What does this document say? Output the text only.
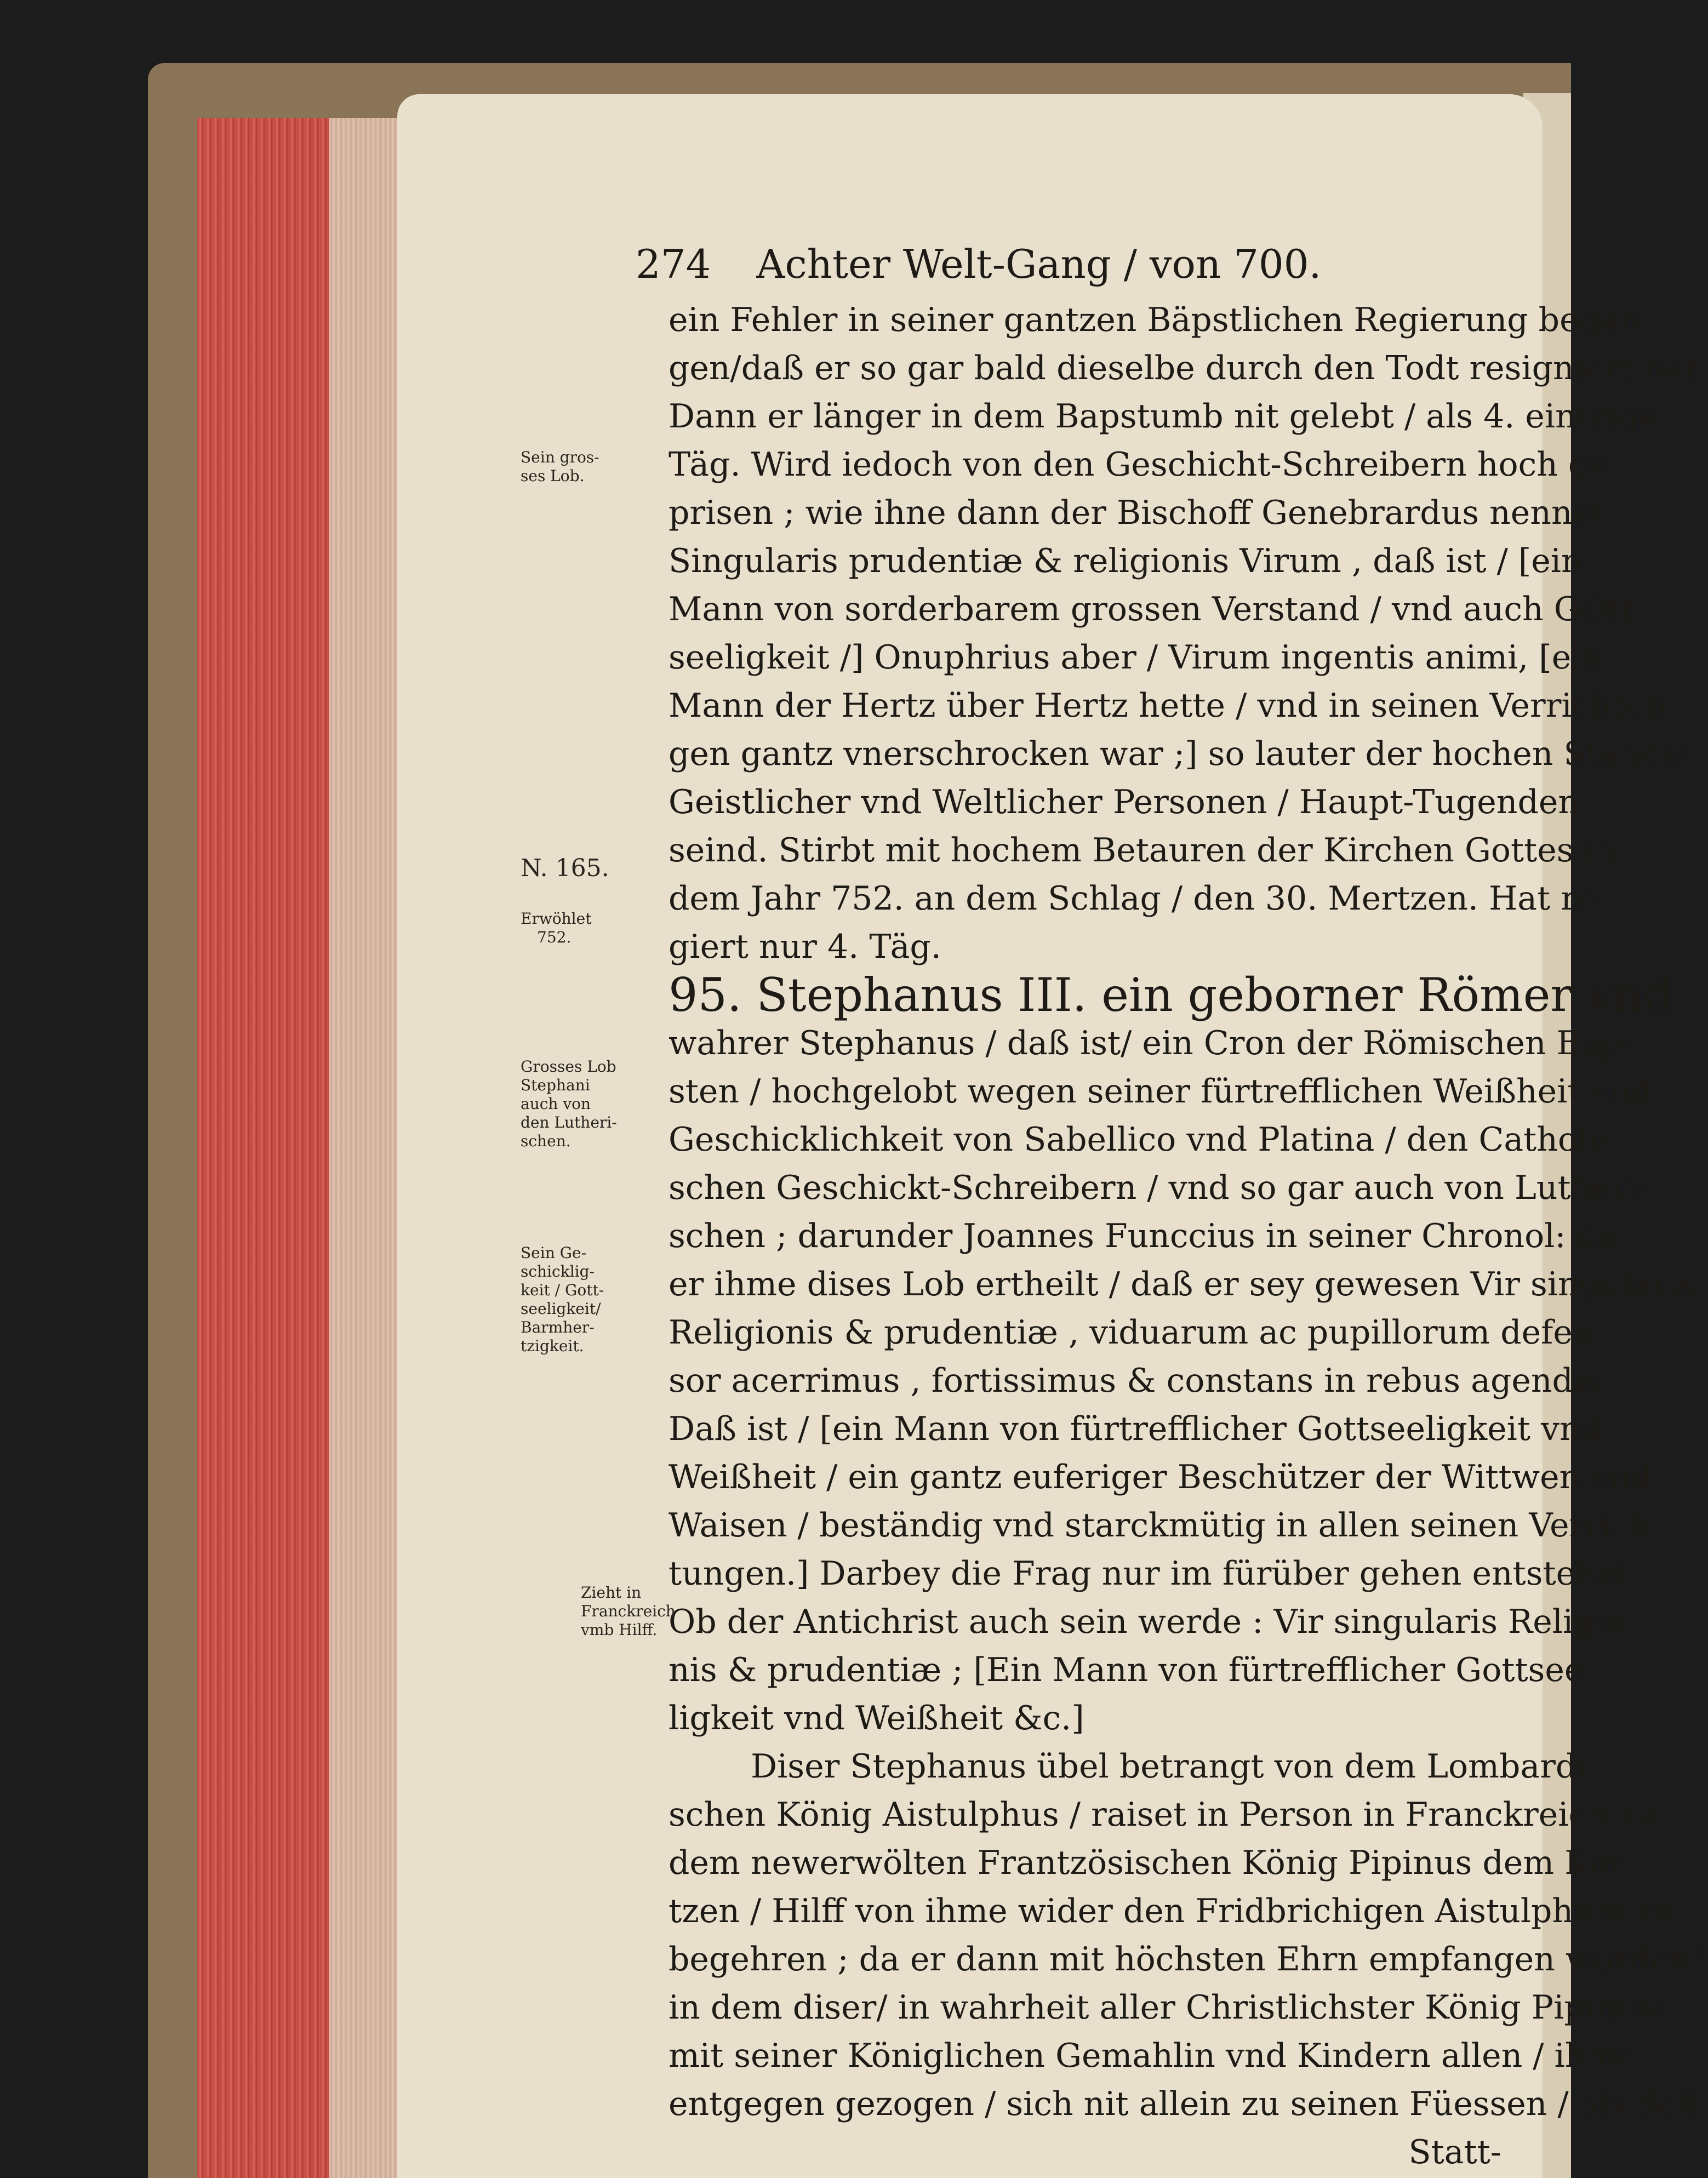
274 Achter Welt-Gang / von 700.
ein Fehler in seiner gantzen Bäpstlichen Regierung began-
gen/daß er so gar bald dieselbe durch den Todt resigniert hat.
Dann er länger in dem Bapstumb nit gelebt / als 4. eintzige
Täg. Wird iedoch von den Geschicht-Schreibern hoch ge-
prisen ; wie ihne dann der Bischoff Genebrardus nennet
Singularis prudentiæ & religionis Virum , daß ist / [ein
Mann von sorderbarem grossen Verstand / vnd auch GOtt-
seeligkeit /] Onuphrius aber / Virum ingentis animi, [ein
Mann der Hertz über Hertz hette / vnd in seinen Verrichtun-
gen gantz vnerschrocken war ;] so lauter der hochen Stands/
Geistlicher vnd Weltlicher Personen / Haupt-Tugenden
seind. Stirbt mit hochem Betauren der Kirchen Gottes in
dem Jahr 752. an dem Schlag / den 30. Mertzen. Hat re-
giert nur 4. Täg.
95. Stephanus III. ein geborner Römer vnd
wahrer Stephanus / daß ist/ ein Cron der Römischen Bäp-
sten / hochgelobt wegen seiner fürtrefflichen Weißheit vnd
Geschicklichkeit von Sabellico vnd Platina / den Catholi-
schen Geschickt-Schreibern / vnd so gar auch von Lutheri-
schen ; darunder Joannes Funccius in seiner Chronol: da
er ihme dises Lob ertheilt / daß er sey gewesen Vir singularis
Religionis & prudentiæ , viduarum ac pupillorum defen-
sor acerrimus , fortissimus & constans in rebus agendis.
Daß ist / [ein Mann von fürtrefflicher Gottseeligkeit vnd
Weißheit / ein gantz euferiger Beschützer der Wittwen vnd
Waisen / beständig vnd starckmütig in allen seinen Verrich-
tungen.] Darbey die Frag nur im fürüber gehen entstehet:
Ob der Antichrist auch sein werde : Vir singularis Religio-
nis & prudentiæ ; [Ein Mann von fürtrefflicher Gottsee-
ligkeit vnd Weißheit &c.]
Diser Stephanus übel betrangt von dem Lombardi-
schen König Aistulphus / raiset in Person in Franckreich zu
dem newerwölten Frantzösischen König Pipinus dem Kur-
tzen / Hilff von ihme wider den Fridbrichigen Aistulphum zu
begehren ; da er dann mit höchsten Ehrn empfangen worden/
in dem diser/ in wahrheit aller Christlichster König Pipinus/
mit seiner Königlichen Gemahlin vnd Kindern allen / ihme
entgegen gezogen / sich nit allein zu seinen Füessen / als deß
Statt-
Sein gros-
ses Lob.
N. 165.
Erwöhlet
752.
Grosses Lob
Stephani
auch von
den Lutheri-
schen.
Sein Ge-
schicklig-
keit / Gott-
seeligkeit/
Barmher-
tzigkeit.
Zieht in
Franckreich
vmb Hilff.
